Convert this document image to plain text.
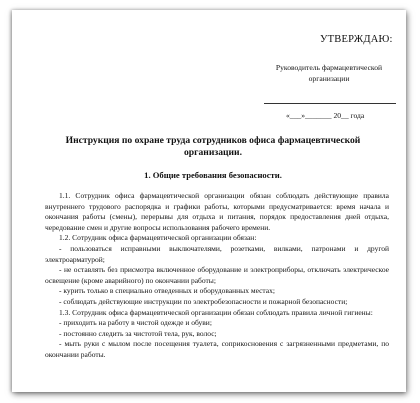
УТВЕРЖДАЮ:
Руководитель фармацевтической организации
«___»_______ 20__ года
Инструкция по охране труда сотрудников офиса фармацевтической организации.
1. Общие требования безопасности.

1.1. Сотрудник офиса фармацевтической организации обязан соблюдать действующие правила внутреннего трудового распорядка и графики работы, которыми предусматривается: время начала и окончания работы (смены), перерывы для отдыха и питания, порядок предоставления дней отдыха, чередование смен и другие вопросы использования рабочего времени.

1.2. Сотрудник офиса фармацевтической организации обязан:

- пользоваться исправными выключателями, розетками, вилками, патронами и другой электроарматурой;

- не оставлять без присмотра включенное оборудование и электроприборы, отключать электрическое освещение (кроме аварийного) по окончании работы;

- курить только в специально отведенных и оборудованных местах;

- соблюдать действующие инструкции по электробезопасности и пожарной безопасности;

1.3. Сотрудник офиса фармацевтической организации обязан соблюдать правила личной гигиены:

- приходить на работу в чистой одежде и обуви;

- постоянно следить за чистотой тела, рук, волос;

- мыть руки с мылом после посещения туалета, соприкосновения с загрязненными предметами, по окончании работы.
